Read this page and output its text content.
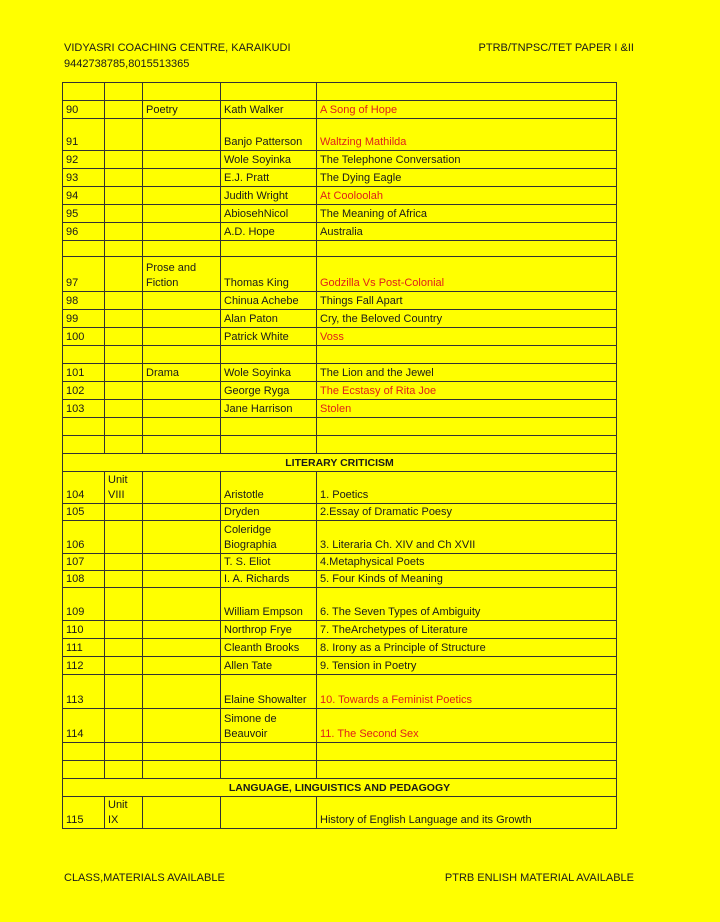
VIDYASRI COACHING CENTRE, KARAIKUDI
9442738785,8015513365
PTRB/TNPSC/TET PAPER I &II

90		Poetry	Kath Walker	A Song of Hope
91			Banjo Patterson	Waltzing Mathilda
92			Wole Soyinka	The Telephone Conversation
93			E.J. Pratt	The Dying Eagle
94			Judith Wright	At Cooloolah
95			AbiosehNicol	The Meaning of Africa
96			A.D. Hope	Australia

97		Prose and Fiction	Thomas King	Godzilla Vs Post-Colonial
98			Chinua Achebe	Things Fall Apart
99			Alan Paton	Cry, the Beloved Country
100			Patrick White	Voss

101		Drama	Wole Soyinka	The Lion and the Jewel
102			George Ryga	The Ecstasy of Rita Joe
103			Jane Harrison	Stolen

LITERARY CRITICISM				
104	Unit VIII		Aristotle	1. Poetics
105			Dryden	2.Essay of Dramatic Poesy
106			Coleridge Biographia	3. Literaria Ch. XIV and Ch XVII
107			T. S. Eliot	4.Metaphysical Poets
108			I. A. Richards	5. Four Kinds of Meaning
109			William Empson	6. The Seven Types of Ambiguity
110			Northrop Frye	7. TheArchetypes of Literature
111			Cleanth Brooks	8. Irony as a Principle of Structure
112			Allen Tate	9. Tension in Poetry
113			Elaine Showalter	10. Towards a Feminist Poetics
114			Simone de Beauvoir	11. The Second Sex

LANGUAGE, LINGUISTICS AND PEDAGOGY				
115	Unit IX			History of English Language and its Growth
CLASS,MATERIALS AVAILABLE	PTRB ENLISH MATERIAL AVAILABLE
